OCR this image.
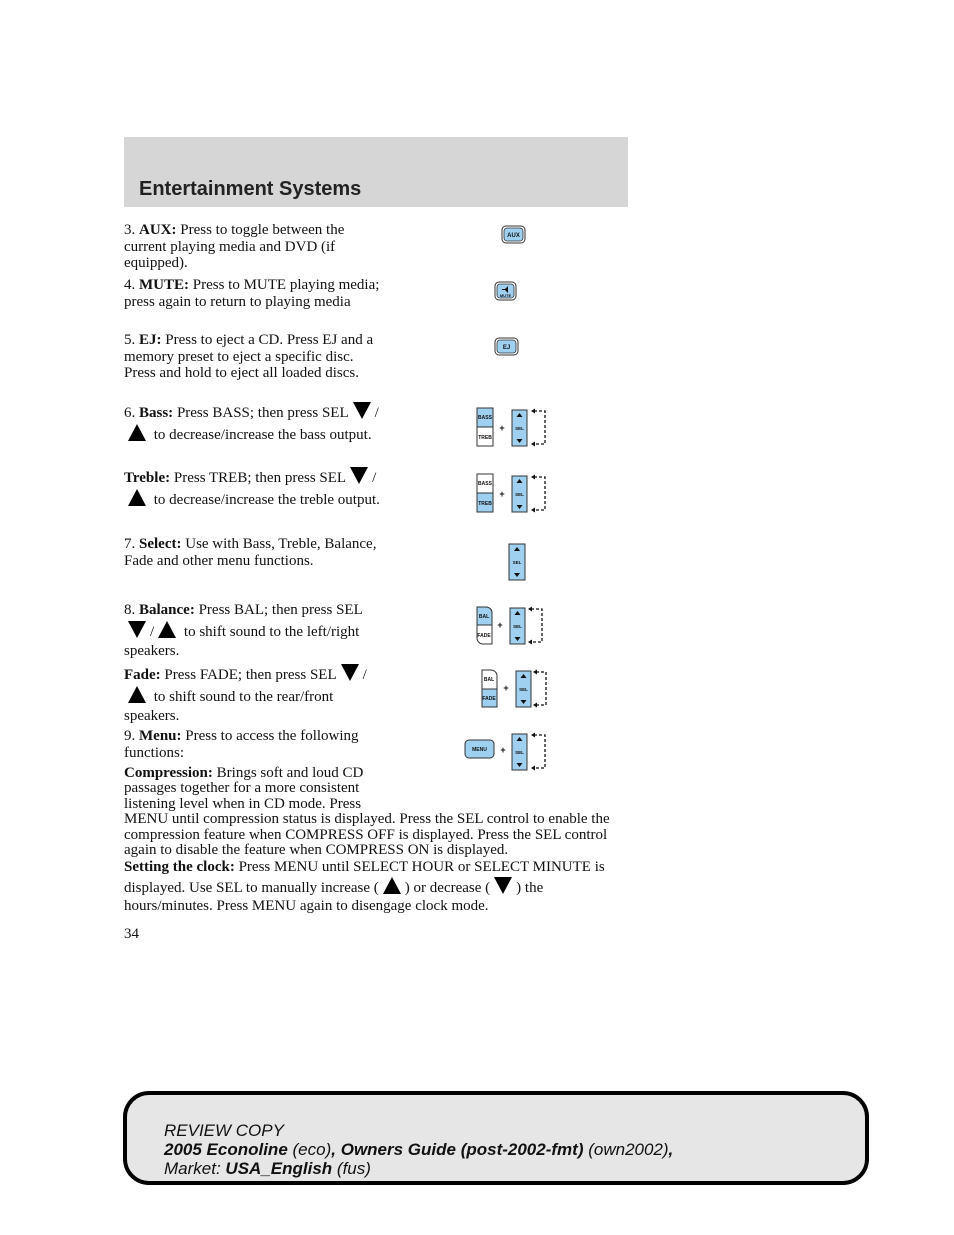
Entertainment Systems
3. AUX: Press to toggle between the current playing media and DVD (if equipped).
4. MUTE: Press to MUTE playing media; press again to return to playing media
5. EJ: Press to eject a CD. Press EJ and a memory preset to eject a specific disc. Press and hold to eject all loaded discs.
6. Bass: Press BASS; then press SEL / to decrease/increase the bass output.
Treble: Press TREB; then press SEL / to decrease/increase the treble output.
7. Select: Use with Bass, Treble, Balance, Fade and other menu functions.
8. Balance: Press BAL; then press SEL/ to shift sound to the left/right speakers.
Fade: Press FADE; then press SEL / to shift sound to the rear/front speakers.
9. Menu: Press to access the following functions:
Compression: Brings soft and loud CD passages together for a more consistent listening level when in CD mode. Press MENU until compression status is displayed. Press the SEL control to enable the compression feature when COMPRESS OFF is displayed. Press the SEL control again to disable the feature when COMPRESS ON is displayed.
Setting the clock: Press MENU until SELECT HOUR or SELECT MINUTE is displayed. Use SEL to manually increase ( ) or decrease ( ) the hours/minutes. Press MENU again to disengage clock mode.
AUX
MUTE
EJ
BASS
TREB
+ SEL
BASS
TREB
+ SEL
SEL
BAL
FADE
+ SEL
BAL
FADE
+ SEL
MENU + SEL
34
REVIEW COPY
2005 Econoline (eco), Owners Guide (post-2002-fmt) (own2002),
Market: USA_English (fus)
